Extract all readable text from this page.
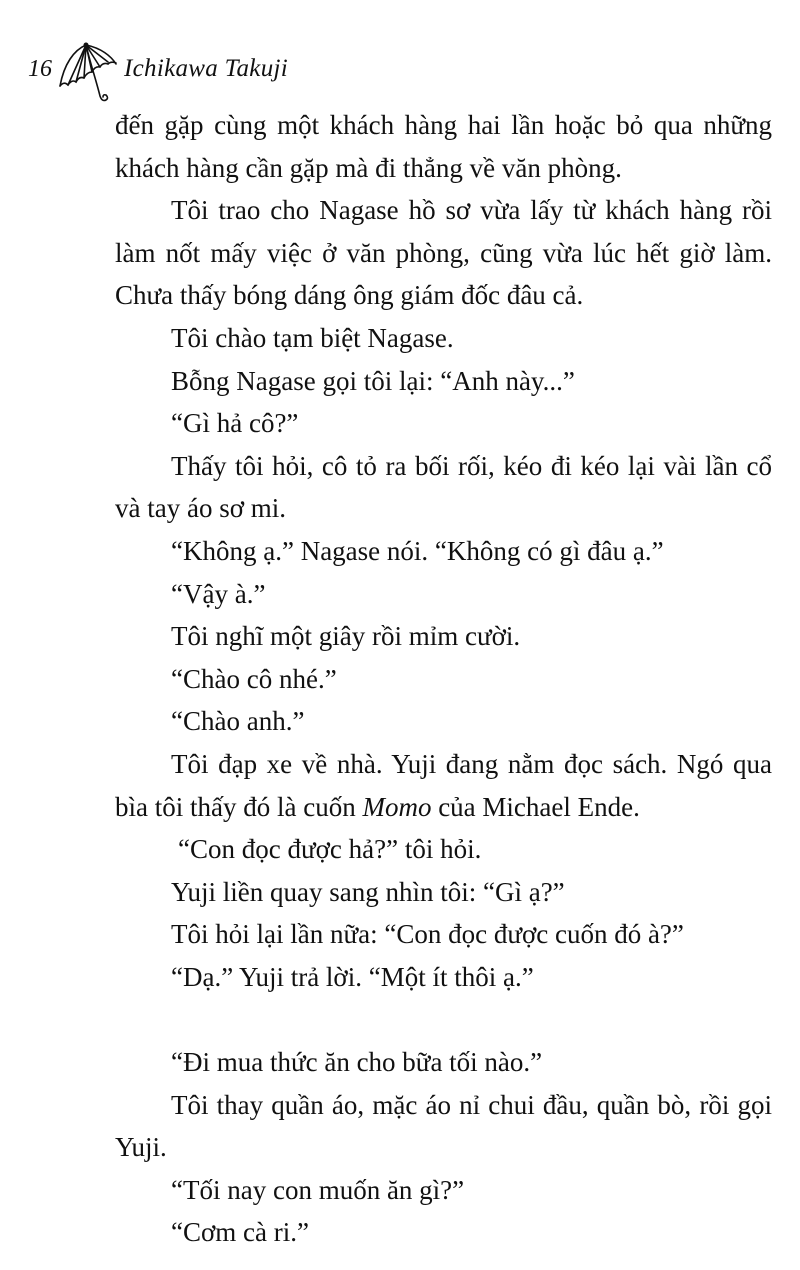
16	Ichikawa Takuji
đến gặp cùng một khách hàng hai lần hoặc bỏ qua những
khách hàng cần gặp mà đi thẳng về văn phòng.
Tôi trao cho Nagase hồ sơ vừa lấy từ khách hàng rồi
làm nốt mấy việc ở văn phòng, cũng vừa lúc hết giờ làm.
Chưa thấy bóng dáng ông giám đốc đâu cả.
Tôi chào tạm biệt Nagase.
Bỗng Nagase gọi tôi lại: “Anh này...”
“Gì hả cô?”
Thấy tôi hỏi, cô tỏ ra bối rối, kéo đi kéo lại vài lần cổ
và tay áo sơ mi.
“Không ạ.” Nagase nói. “Không có gì đâu ạ.”
“Vậy à.”
Tôi nghĩ một giây rồi mỉm cười.
“Chào cô nhé.”
“Chào anh.”
Tôi đạp xe về nhà. Yuji đang nằm đọc sách. Ngó qua
bìa tôi thấy đó là cuốn Momo của Michael Ende.
“Con đọc được hả?” tôi hỏi.
Yuji liền quay sang nhìn tôi: “Gì ạ?”
Tôi hỏi lại lần nữa: “Con đọc được cuốn đó à?”
“Dạ.” Yuji trả lời. “Một ít thôi ạ.”
“Đi mua thức ăn cho bữa tối nào.”
Tôi thay quần áo, mặc áo nỉ chui đầu, quần bò, rồi gọi
Yuji.
“Tối nay con muốn ăn gì?”
“Cơm cà ri.”
